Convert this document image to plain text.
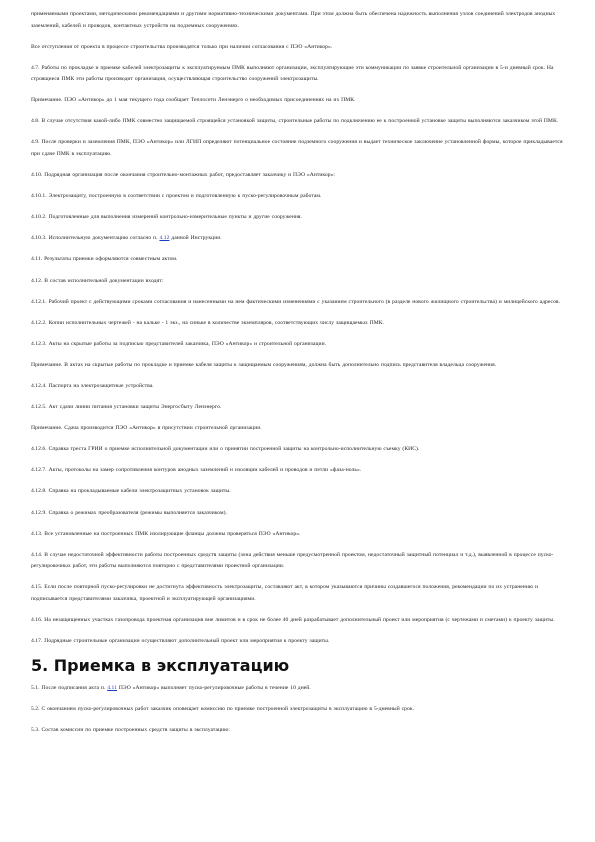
применяемыми проектами, методическими рекомендациями и другими нормативно-техническими документами. При этом должна быть обеспечена надежность выполнения узлов соединений электродов анодных заземлений, кабелей и проводов, контактных устройств на подземных сооружениях.

Все отступления от проекта в процессе строительства производятся только при наличии согласования с ПЭО «Антикор».

4.7. Работы по прокладке и приемке кабелей электрозащиты к эксплуатируемым ПМК выполняют организации, эксплуатирующие эти коммуникации по заявке строительной организации в 5-и дневный срок. На строящиеся ПМК эти работы производит организация, осуществляющая строительство сооружений электрозащиты.

Примечание. ПЭО «Антикор» до 1 мая текущего года сообщает Теплосети Ленэнерго о необходимых присоединениях на их ПМК.

4.8. В случае отсутствия какой-либо ПМК совместно защищаемой строящейся установкой защиты, строительные работы по подключению ее к построенной установке защиты выполняются заказчиком этой ПМК.

4.9. После проверки и заземления ПМК, ПЭО «Антикор» или ЛГИП определяют потенциальное состояние подземного сооружения и выдает техническое заключение установленной формы, которое прикладывается при сдаче ПМК в эксплуатацию.

4.10. Подрядная организация после окончания строительно-монтажных работ, предоставляет заказчику и ПЭО «Антикор»:

4.10.1. Электрозащиту, построенную в соответствии с проектом и подготовленную к пуско-регулировочным работам.

4.10.2. Подготовленные для выполнения измерений контрольно-измерительные пункты и другие сооружения.

4.10.3. Исполнительную документацию согласно п. 4.12 данной Инструкции.

4.11. Результаты приемки оформляются совместным актом.

4.12. В состав исполнительной документации входят:

4.12.1. Рабочий проект с действующими сроками согласования и нанесенными на нем фактическими изменениями с указанием строительного (в разделе нового жилищного строительства) и милицейского адресов.

4.12.2. Копии исполнительных чертежей - на кальке - 1 экз., на синьке в количестве экземпляров, соответствующих числу защищаемых ПМК.

4.12.3. Акты на скрытые работы за подписью представителей заказчика, ПЭО «Антикор» и строительной организации.

Примечание. В актах на скрытые работы по прокладке и приемке кабеля защиты к защищаемым сооружениям, должна быть дополнительно подпись представителя владельца сооружения.

4.12.4. Паспорта на электрозащитные устройства.

4.12.5. Акт сдачи линии питания установки защиты Энергосбыту Ленэнерго.

Примечание. Сдача производится ПЭО «Антикор» в присутствии строительной организации.

4.12.6. Справка треста ГРИИ о приемке исполнительной документации или о принятии построенной защиты на контрольно-исполнительную съемку (КИС).

4.12.7. Акты, протоколы на замер сопротивления контуров анодных заземлений и изоляции кабелей и проводов и петли «фаза-ноль».

4.12.8. Справка на прокладываемые кабели электрозащитных установок защиты.

4.12.9. Справка о режимах преобразователя (режимы выполняется заказчиком).

4.13. Все установленные на построенных ПМК изолирующие фланцы должны проверяться ПЭО «Антикор».

4.14. В случае недостаточной эффективности работы построенных средств защиты (зона действия меньше предусмотренной проектом, недостаточный защитный потенциал и т.д.), выявленной в процессе пуско-регулировочных работ, эти работы выполняются повторно с представителями проектной организации.

4.15. Если после повторной пуско-регулировки не достигнута эффективность электрозащиты, составляют акт, в котором указываются причины создавшегося положения, рекомендации по их устранению и подписывается представителями заказчика, проектной и эксплуатирующей организациями.

4.16. На незащищенных участках газопровода проектная организация вне лимитов и в срок не более 40 дней разрабатывает дополнительный проект или мероприятия (с чертежами и сметами) к проекту защиты.

4.17. Подрядные строительные организации осуществляют дополнительный проект или мероприятия к проекту защиты.

5. Приемка в эксплуатацию

5.1. После подписания акта п. 4.11 ПЭО «Антикор» выполняет пуско-регулировочные работы в течение 10 дней.

5.2. С окончанием пуско-регулировочных работ заказчик оповещает комиссию по приемке построенной электрозащиты в эксплуатацию в 5-дневный срок.

5.3. Состав комиссии по приемке построенных средств защиты в эксплуатацию:
